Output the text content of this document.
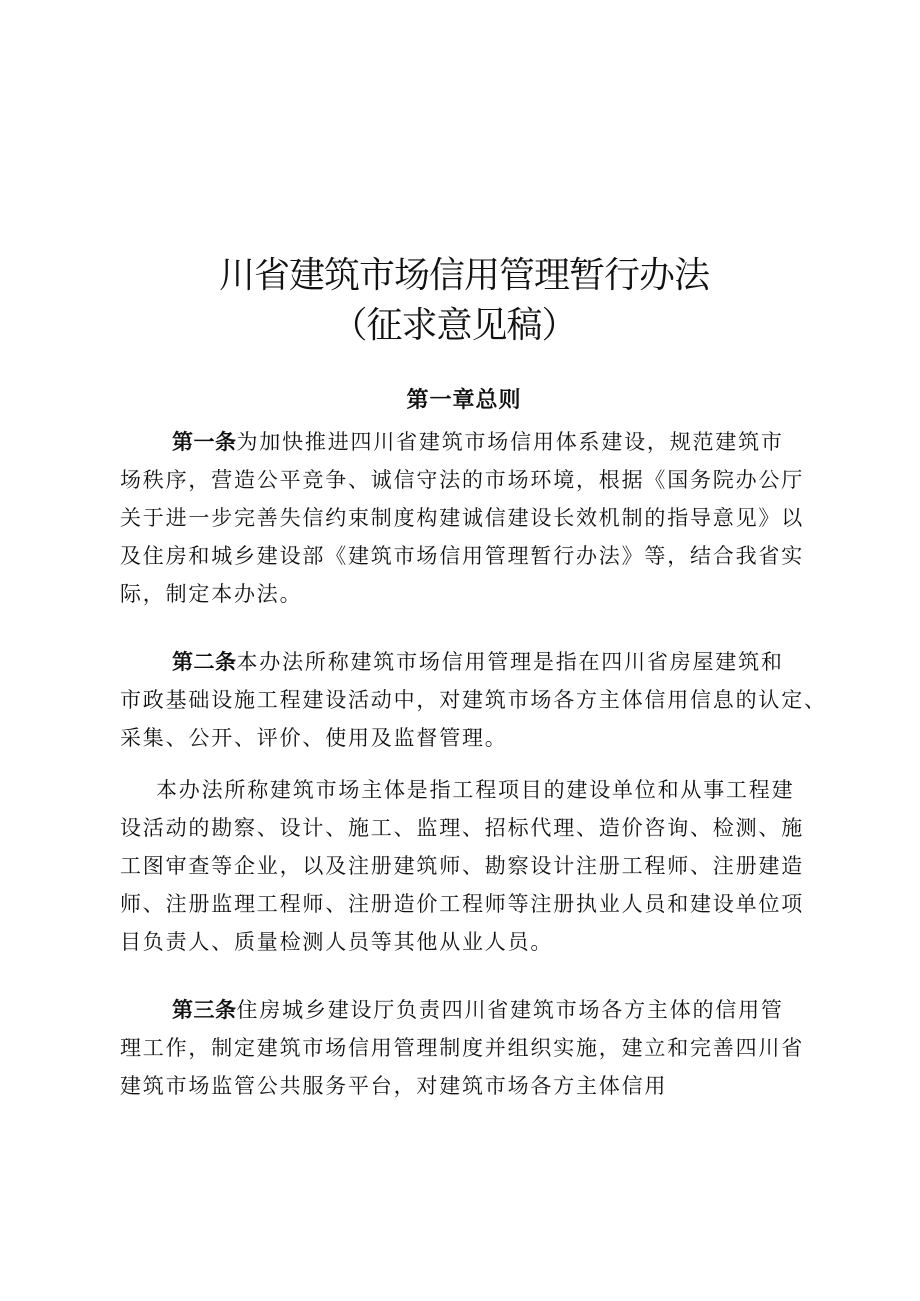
川省建筑市场信用管理暂行办法
（征求意见稿）
第一章总则
第一条为加快推进四川省建筑市场信用体系建设，规范建筑市
场秩序，营造公平竞争、诚信守法的市场环境，根据《国务院办公厅
关于进一步完善失信约束制度构建诚信建设长效机制的指导意见》以
及住房和城乡建设部《建筑市场信用管理暂行办法》等，结合我省实
际，制定本办法。
第二条本办法所称建筑市场信用管理是指在四川省房屋建筑和
市政基础设施工程建设活动中，对建筑市场各方主体信用信息的认定、
采集、公开、评价、使用及监督管理。
本办法所称建筑市场主体是指工程项目的建设单位和从事工程建
设活动的勘察、设计、施工、监理、招标代理、造价咨询、检测、施
工图审查等企业，以及注册建筑师、勘察设计注册工程师、注册建造
师、注册监理工程师、注册造价工程师等注册执业人员和建设单位项
目负责人、质量检测人员等其他从业人员。
第三条住房城乡建设厅负责四川省建筑市场各方主体的信用管
理工作，制定建筑市场信用管理制度并组织实施，建立和完善四川省
建筑市场监管公共服务平台，对建筑市场各方主体信用
